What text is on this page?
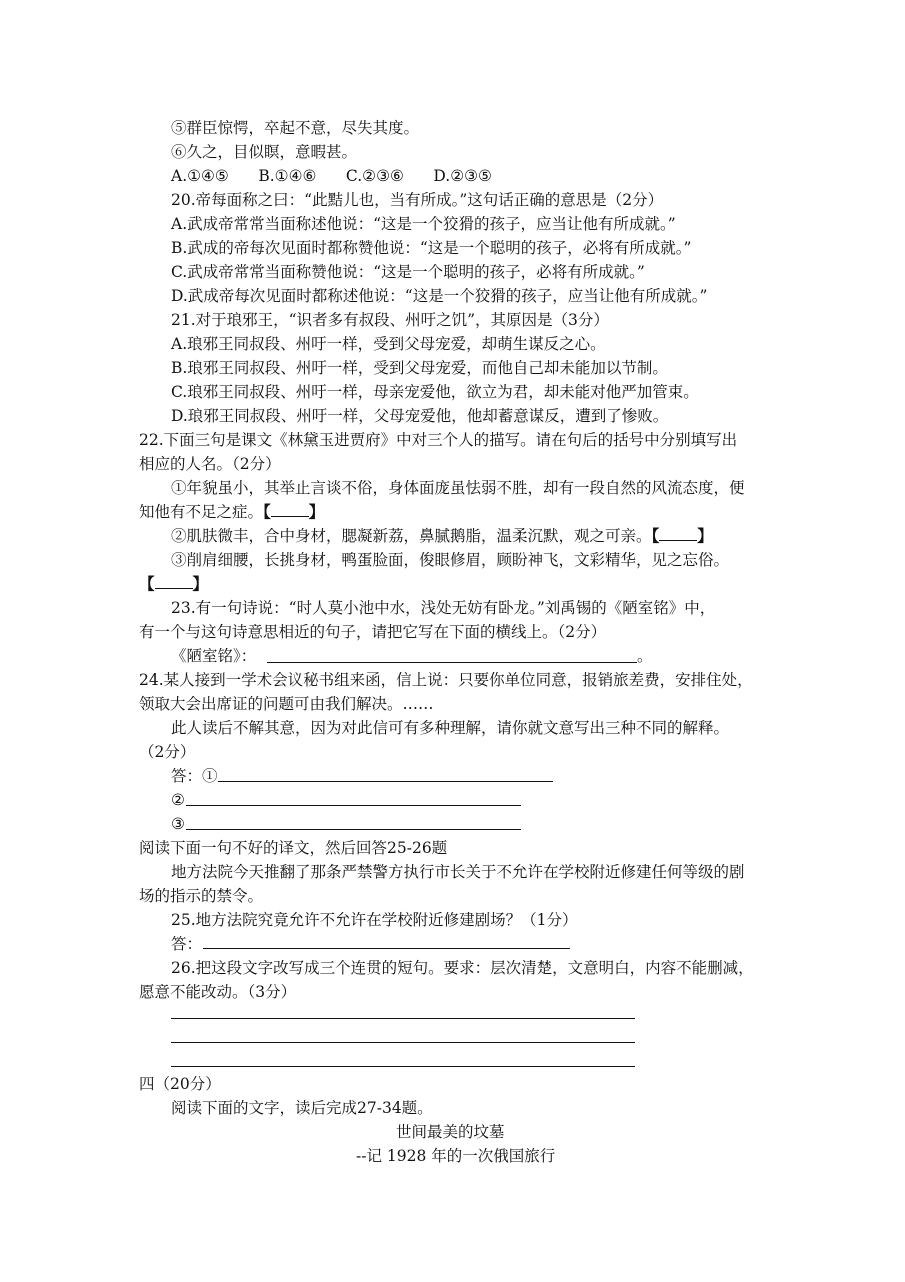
⑤群臣惊愕，卒起不意，尽失其度。
⑥久之，目似瞑，意暇甚。
A.①④⑤      B.①④⑥      C.②③⑥      D.②③⑤
20.帝每面称之曰：“此黠儿也，当有所成。”这句话正确的意思是（2分）
A.武成帝常常当面称述他说：“这是一个狡猾的孩子，应当让他有所成就。”
B.武成的帝每次见面时都称赞他说：“这是一个聪明的孩子，必将有所成就。”
C.武成帝常常当面称赞他说：“这是一个聪明的孩子，必将有所成就。”
D.武成帝每次见面时都称述他说：“这是一个狡猾的孩子，应当让他有所成就。”
21.对于琅邪王，“识者多有叔段、州吁之饥”，其原因是（3分）
A.琅邪王同叔段、州吁一样，受到父母宠爱，却萌生谋反之心。
B.琅邪王同叔段、州吁一样，受到父母宠爱，而他自己却未能加以节制。
C.琅邪王同叔段、州吁一样，母亲宠爱他，欲立为君，却未能对他严加管束。
D.琅邪王同叔段、州吁一样，父母宠爱他，他却蓄意谋反，遭到了惨败。
22.下面三句是课文《林黛玉进贾府》中对三个人的描写。请在句后的括号中分别填写出
相应的人名。（2分）
①年貌虽小，其举止言谈不俗，身体面庞虽怯弱不胜，却有一段自然的风流态度，便
知他有不足之症。【 】
②肌肤微丰，合中身材，腮凝新荔，鼻腻鹅脂，温柔沉默，观之可亲。【 】
③削肩细腰，长挑身材，鸭蛋脸面，俊眼修眉，顾盼神飞，文彩精华，见之忘俗。
【 】
23.有一句诗说：“时人莫小池中水，浅处无妨有卧龙。”刘禹锡的《陋室铭》中，
有一个与这句诗意思相近的句子，请把它写在下面的横线上。（2分）
《陋室铭》：	。
24.某人接到一学术会议秘书组来函，信上说：只要你单位同意，报销旅差费，安排住处，
领取大会出席证的问题可由我们解决。……
此人读后不解其意，因为对此信可有多种理解，请你就文意写出三种不同的解释。
（2分）
答：①
②
③
阅读下面一句不好的译文，然后回答25-26题
地方法院今天推翻了那条严禁警方执行市长关于不允许在学校附近修建任何等级的剧
场的指示的禁令。
25.地方法院究竟允许不允许在学校附近修建剧场？（1分）
答：
26.把这段文字改写成三个连贯的短句。要求：层次清楚，文意明白，内容不能删减，
愿意不能改动。（3分）
四（20分）
阅读下面的文字，读后完成27-34题。
世间最美的坟墓
--记 1928 年的一次俄国旅行
